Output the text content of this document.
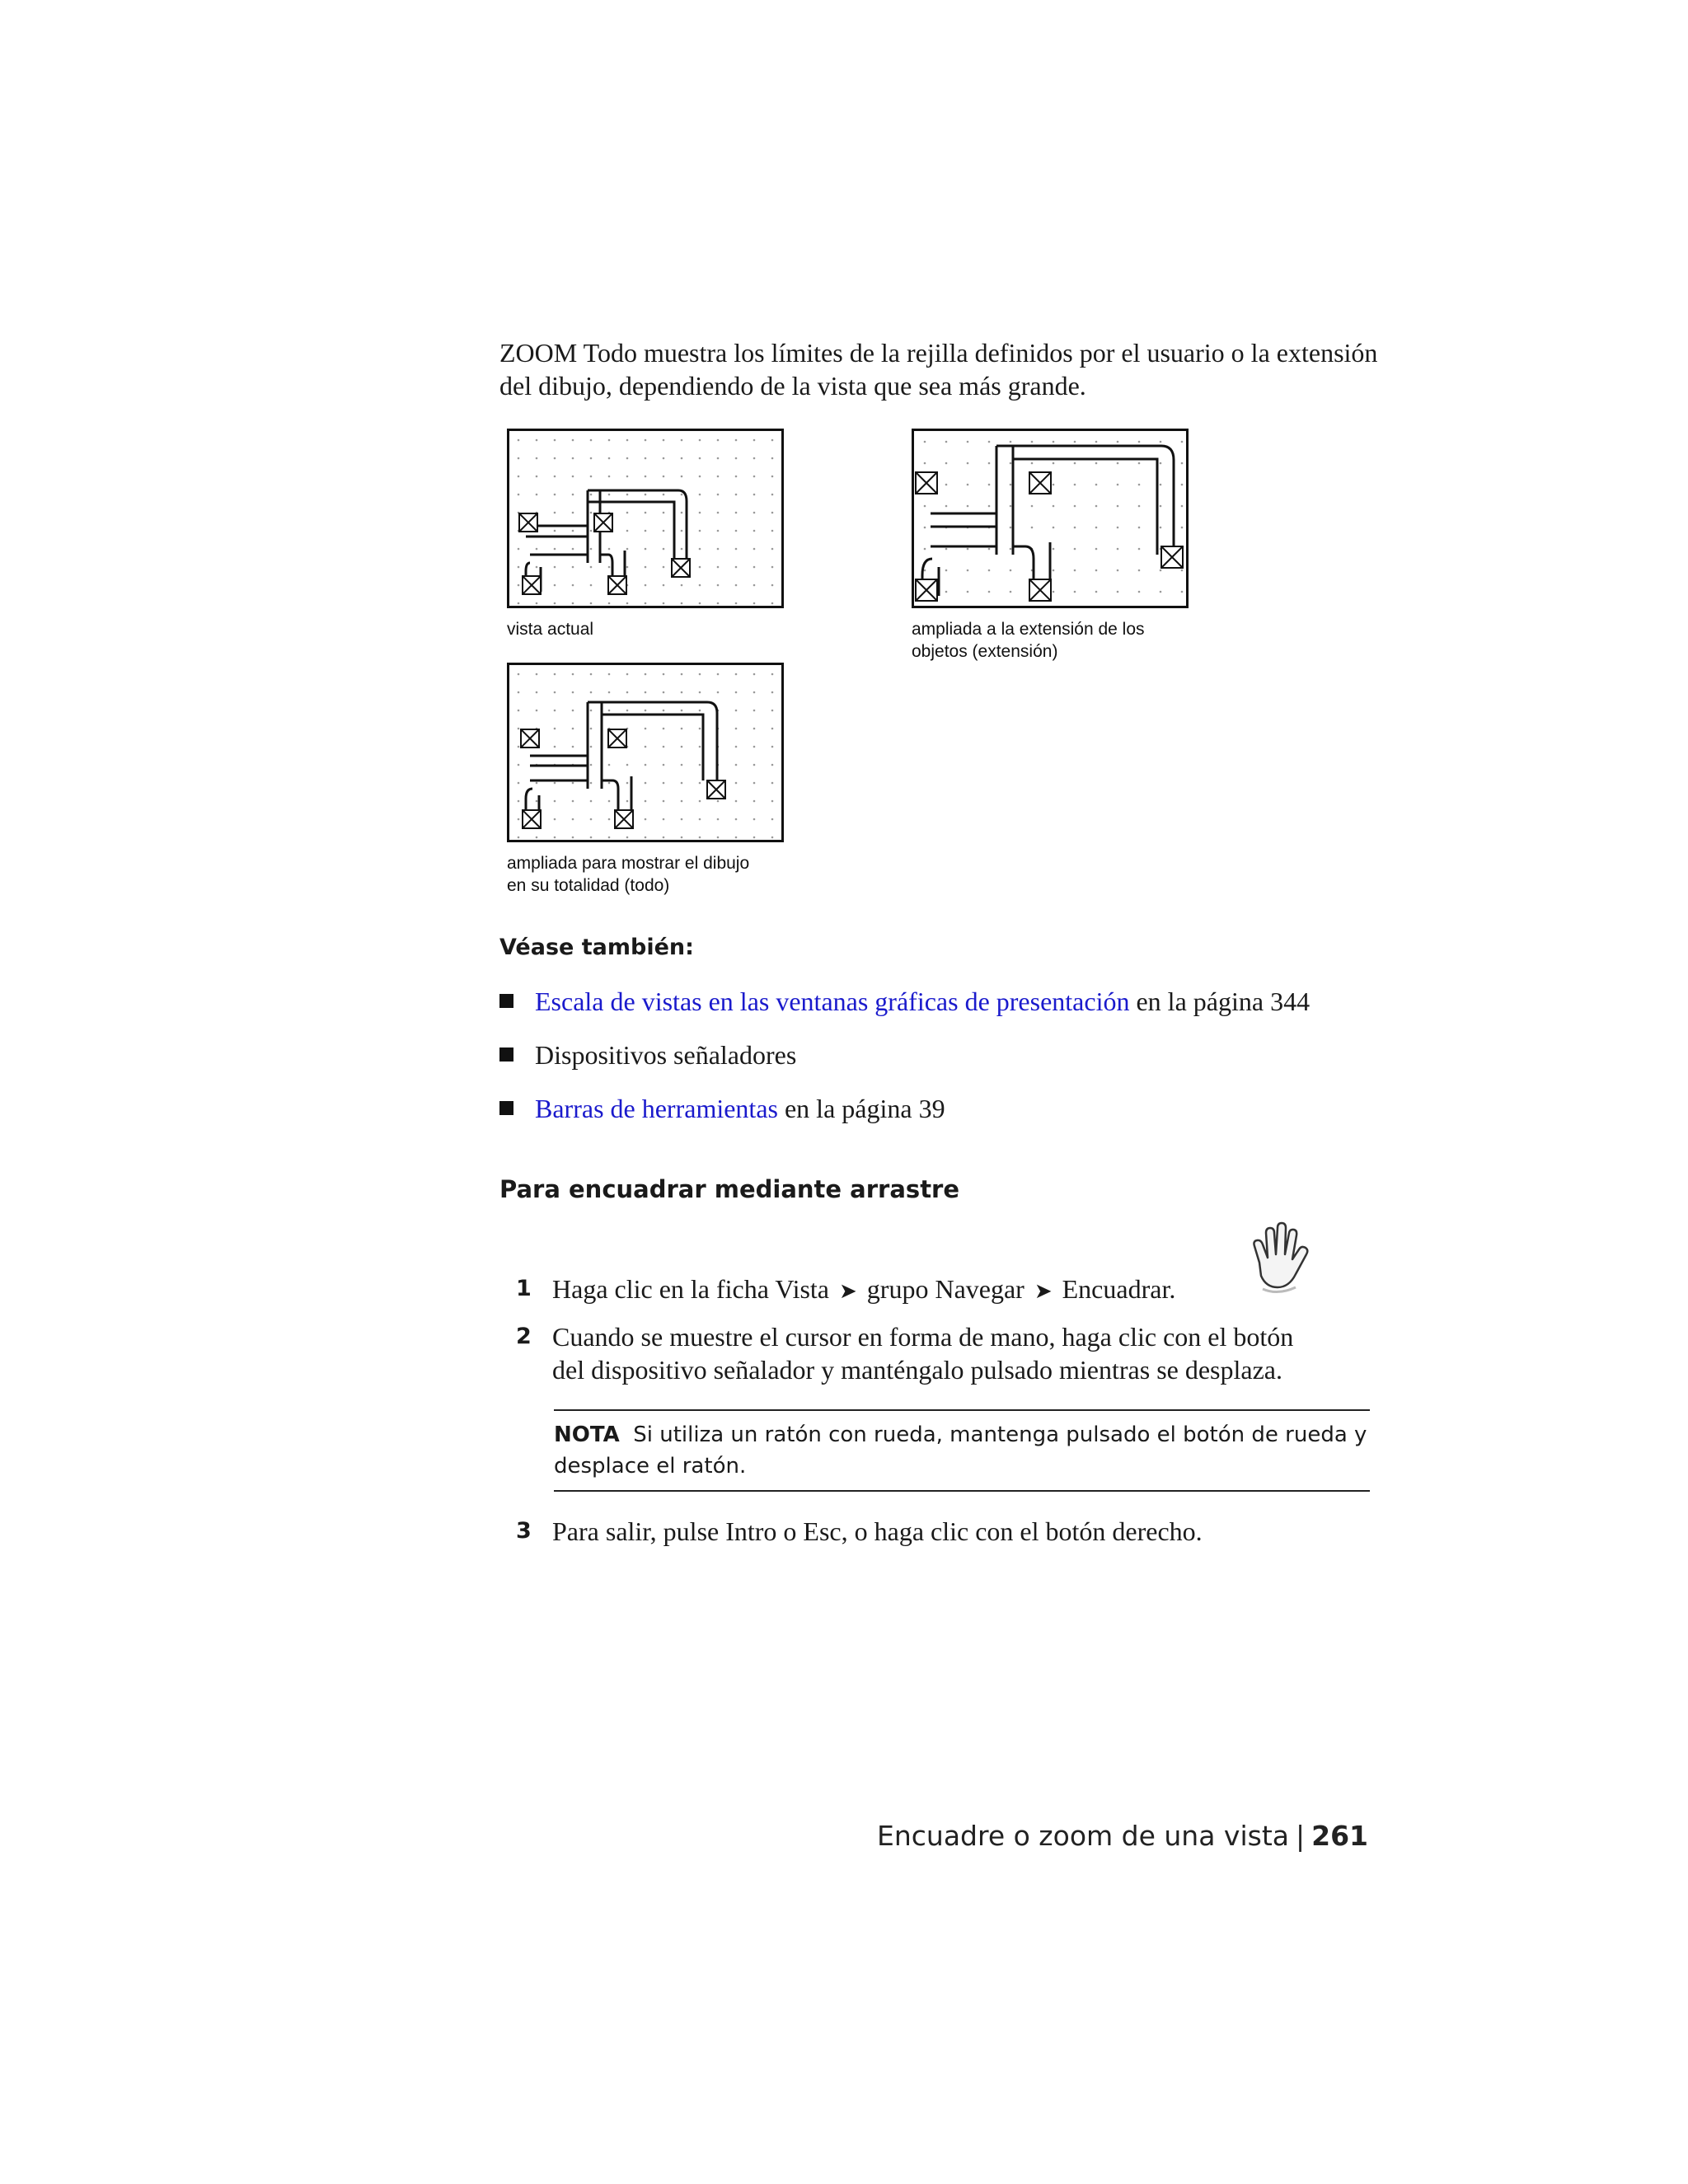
ZOOM Todo muestra los límites de la rejilla definidos por el usuario o la extensión del dibujo, dependiendo de la vista que sea más grande.
vista actual	ampliada a la extensión de los
objetos (extensión)
ampliada para mostrar el dibujo
en su totalidad (todo)
Véase también:
Escala de vistas en las ventanas gráficas de presentación en la página 344
Dispositivos señaladores
Barras de herramientas en la página 39
Para encuadrar mediante arrastre
1 Haga clic en la ficha Vista ➤ grupo Navegar ➤ Encuadrar.
2 Cuando se muestre el cursor en forma de mano, haga clic con el botón
del dispositivo señalador y manténgalo pulsado mientras se desplaza.
NOTA Si utiliza un ratón con rueda, mantenga pulsado el botón de rueda y desplace el ratón.
3 Para salir, pulse Intro o Esc, o haga clic con el botón derecho.
Encuadre o zoom de una vista | 261
